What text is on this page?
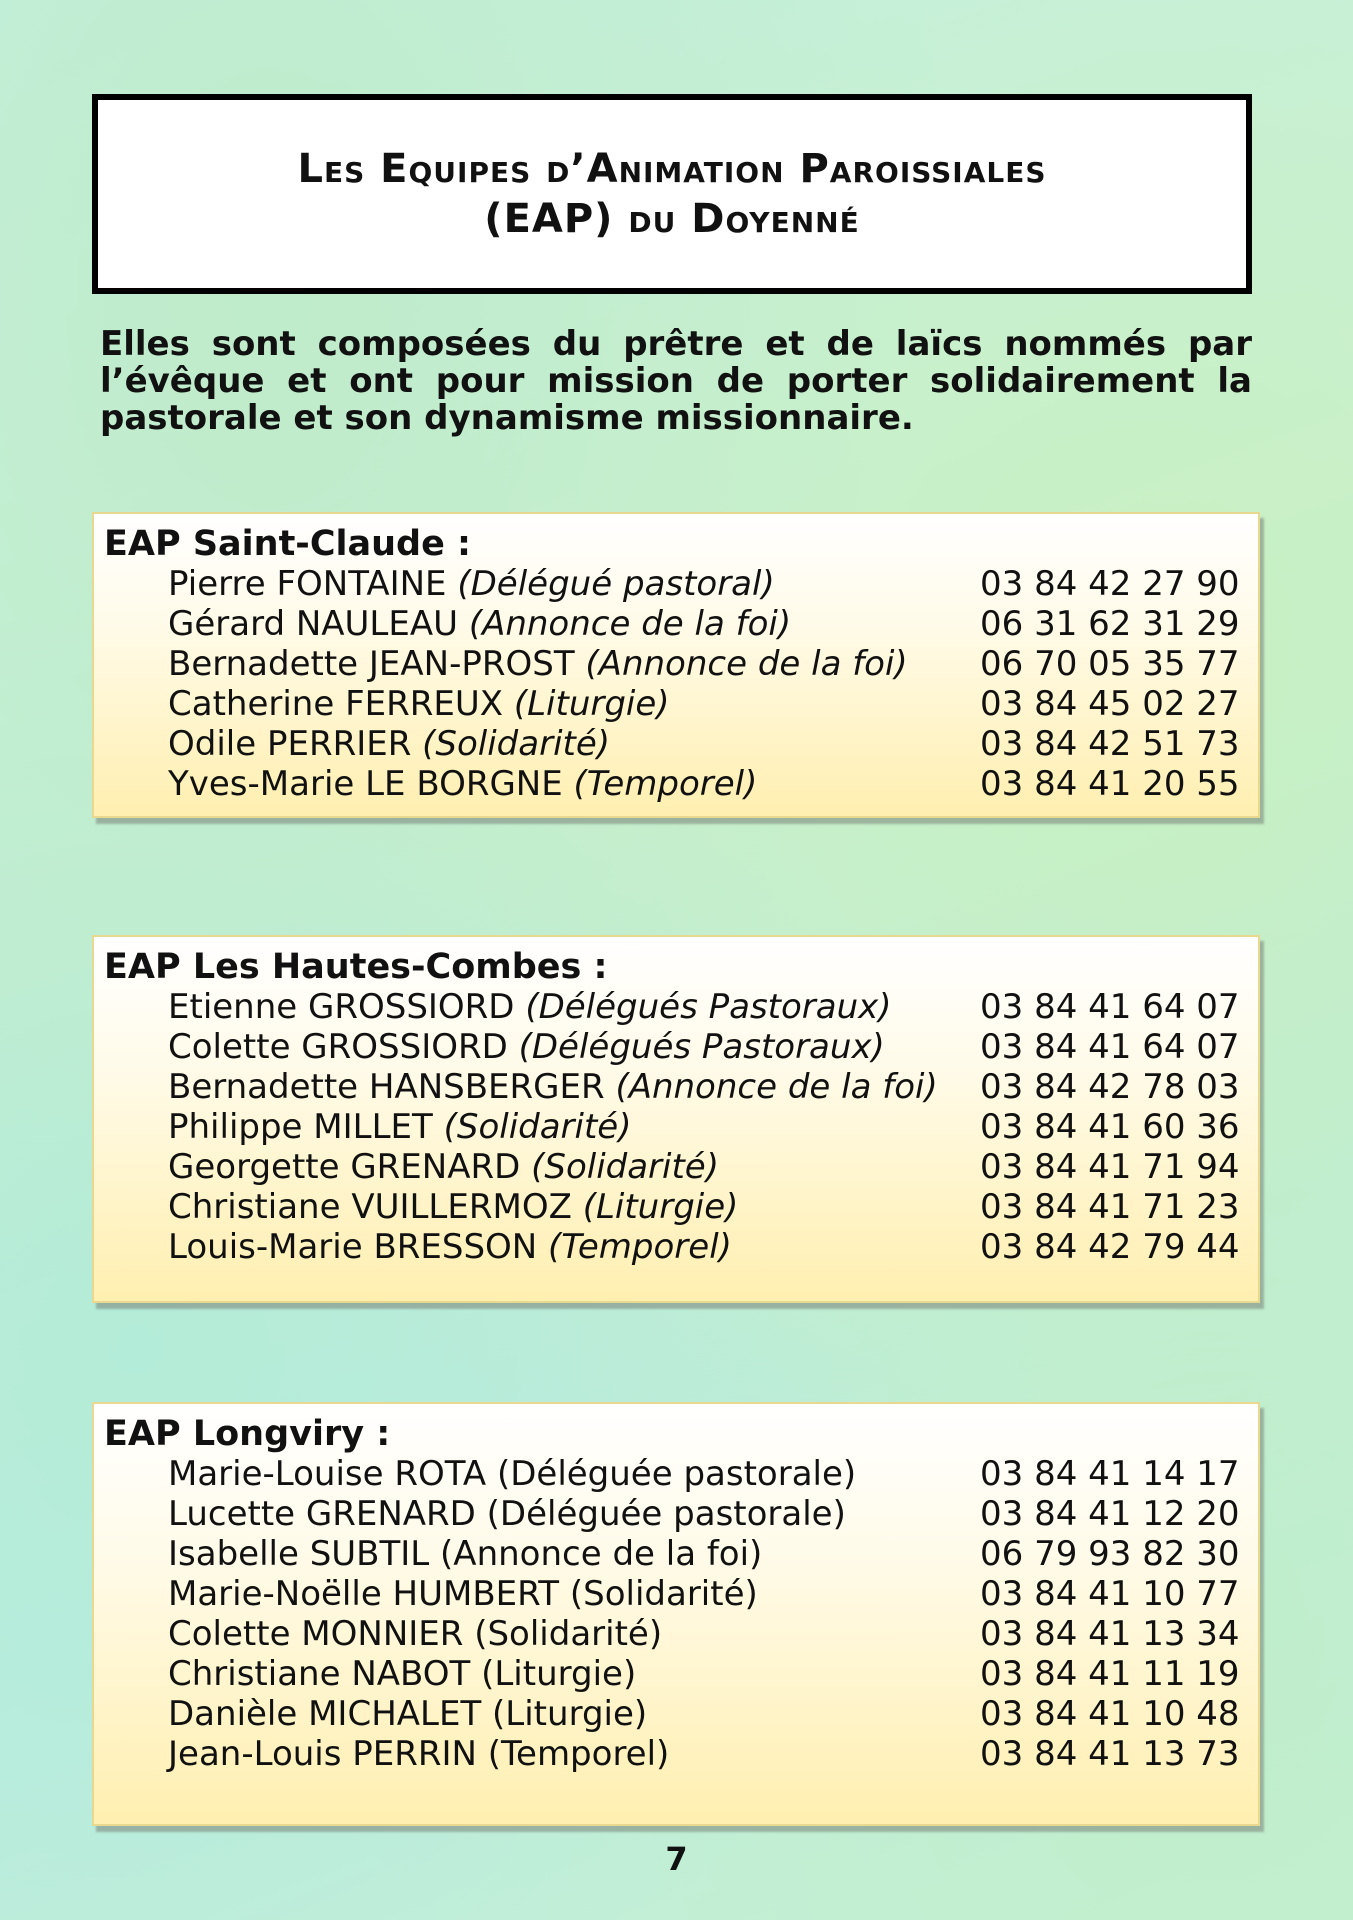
Les Equipes d’Animation Paroissiales
(EAP) du Doyenné

Elles sont composées du prêtre et de laïcs nommés par l’évêque et ont pour mission de porter solidairement la pastorale et son dynamisme missionnaire.

EAP Saint-Claude :
Pierre FONTAINE (Délégué pastoral)	03 84 42 27 90
Gérard NAULEAU (Annonce de la foi)	06 31 62 31 29
Bernadette JEAN-PROST (Annonce de la foi) 06 70 05 35 77
Catherine FERREUX (Liturgie)	03 84 45 02 27
Odile PERRIER (Solidarité)	03 84 42 51 73
Yves-Marie LE BORGNE (Temporel)	03 84 41 20 55
EAP Les Hautes-Combes :
Etienne GROSSIORD (Délégués Pastoraux)	03 84 41 64 07
Colette GROSSIORD (Délégués Pastoraux)	03 84 41 64 07
Bernadette HANSBERGER (Annonce de la foi) 03 84 42 78 03
Philippe MILLET (Solidarité)	03 84 41 60 36
Georgette GRENARD (Solidarité)	03 84 41 71 94
Christiane VUILLERMOZ (Liturgie)	03 84 41 71 23
Louis-Marie BRESSON (Temporel)	03 84 42 79 44
EAP Longviry :
Marie-Louise ROTA (Déléguée pastorale)	03 84 41 14 17
Lucette GRENARD (Déléguée pastorale)	03 84 41 12 20
Isabelle SUBTIL (Annonce de la foi)	06 79 93 82 30
Marie-Noëlle HUMBERT (Solidarité)	03 84 41 10 77
Colette MONNIER (Solidarité)	03 84 41 13 34
Christiane NABOT (Liturgie)	03 84 41 11 19
Danièle MICHALET (Liturgie)	03 84 41 10 48
Jean-Louis PERRIN (Temporel)	03 84 41 13 73
7
